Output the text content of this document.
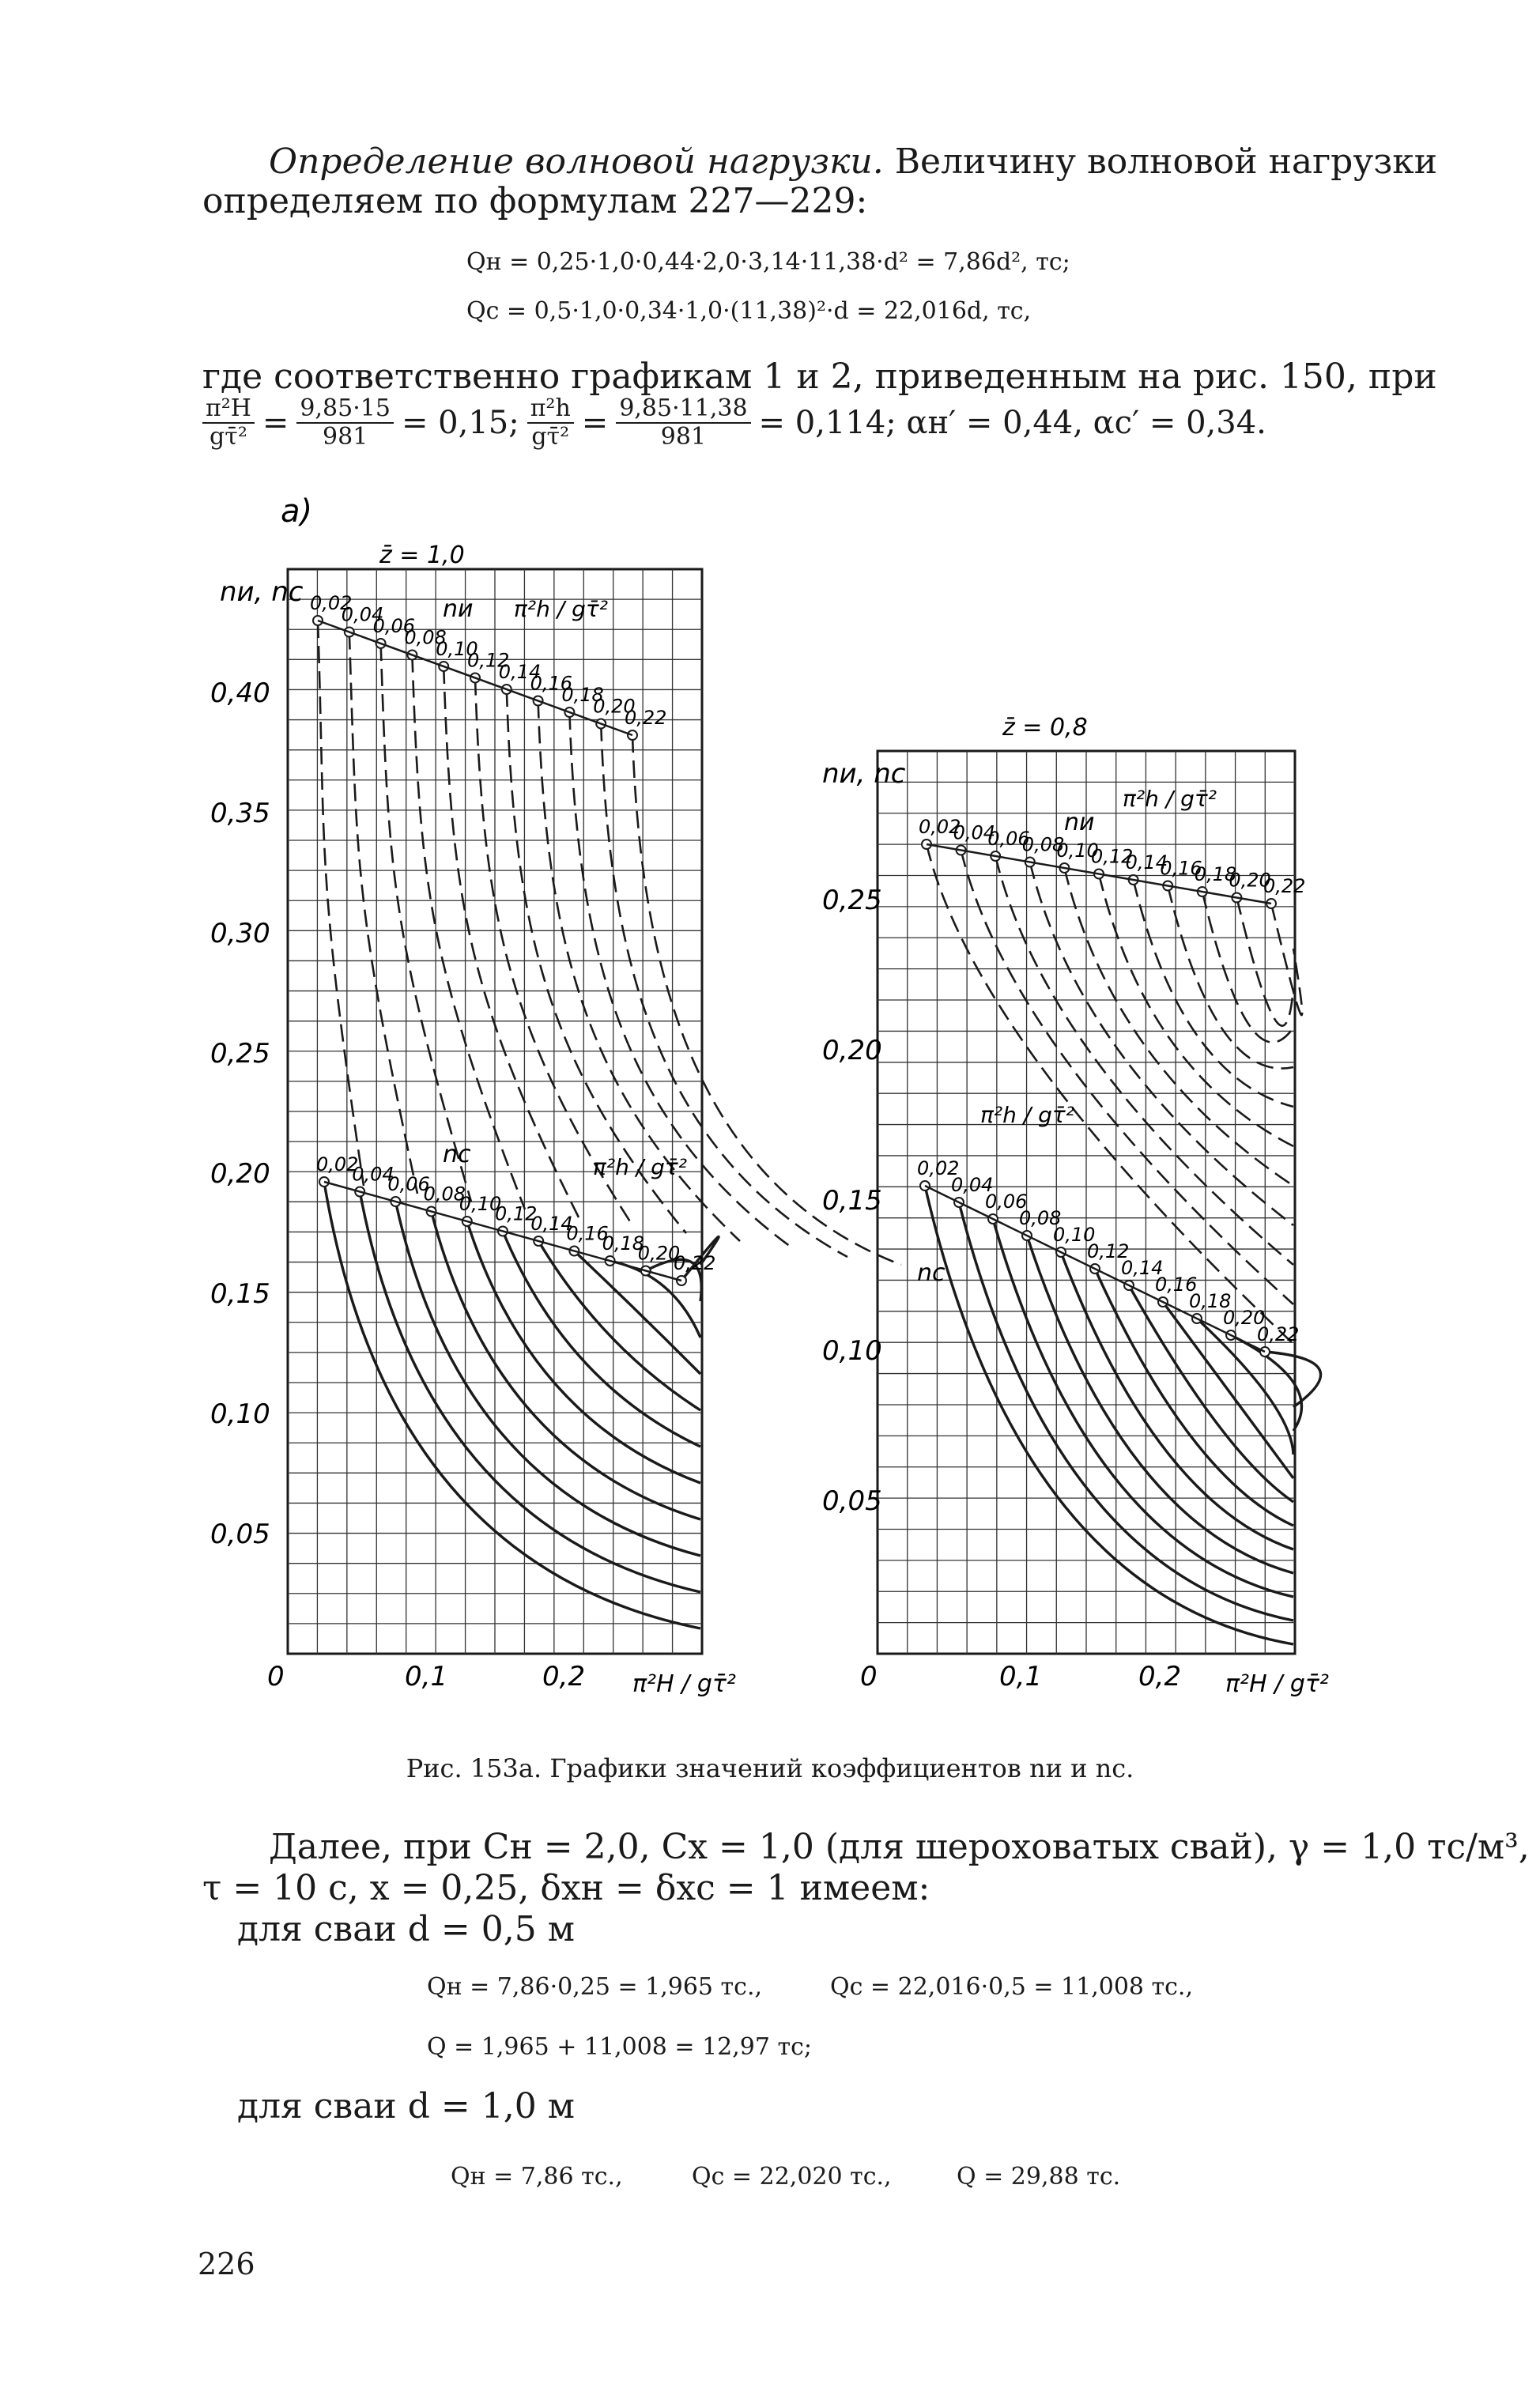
Определение волновой нагрузки. Величину волновой нагрузки
определяем по формулам 227—229:
Qн = 0,25·1,0·0,44·2,0·3,14·11,38·d² = 7,86d², тс;
Qc = 0,5·1,0·0,34·1,0·(11,38)²·d = 22,016d, тс,
где соответственно графикам 1 и 2, приведенным на рис. 150, при
$\frac{\text{π²H}}{\text{gτ̄²}} = \frac{9,85\cdot 15}{981} = 0,15$; $\frac{\text{π²h}}{\text{gτ̄²}} = \frac{9,85\cdot 11,38}{981} = 0,114$; αн′ = 0,44, αc′ = 0,34.
а)
z̄ = 1,0
nи, nc
0,40
0,35
0,30
0,25
0,20
0,15
0,10
0,05
0	0,1	0,2 π²H / gτ̄²
nи
nc
π²h / gτ̄²
π²h / gτ̄²
0,02
0,04
0,06
0,08
0,10
0,12
0,14
0,16
0,18
0,20
0,22
0,02
0,04
0,06
0,08
0,10
0,12
0,14
0,16
0,18
0,20
0,22
z̄ = 0,8
nи, nc
0,25
0,20
0,15
0,10
0,05
0	0,1	0,2 π²H / gτ̄²
nи
nc
π²h / gτ̄²
π²h / gτ̄²
0,02
0,04
0,06
0,08
0,10
0,12
0,14
0,16
0,18
0,20
0,22
0,02
0,04
0,06
0,08
0,10
0,12
0,14
0,16
0,18
0,20
0,22
Рис. 153а. Графики значений коэффициентов nи и nc.
Далее, при Cн = 2,0, Cx = 1,0 (для шероховатых свай), γ = 1,0 тс/м³,
τ = 10 с, x = 0,25, δxн = δxc = 1 имеем:
для сваи d = 0,5 м
Qн = 7,86·0,25 = 1,965 тс.,	Qc = 22,016·0,5 = 11,008 тс.,
Q = 1,965 + 11,008 = 12,97 тс;
для сваи d = 1,0 м
Qн = 7,86 тс.,	Qc = 22,020 тс.,	Q = 29,88 тс.
226
